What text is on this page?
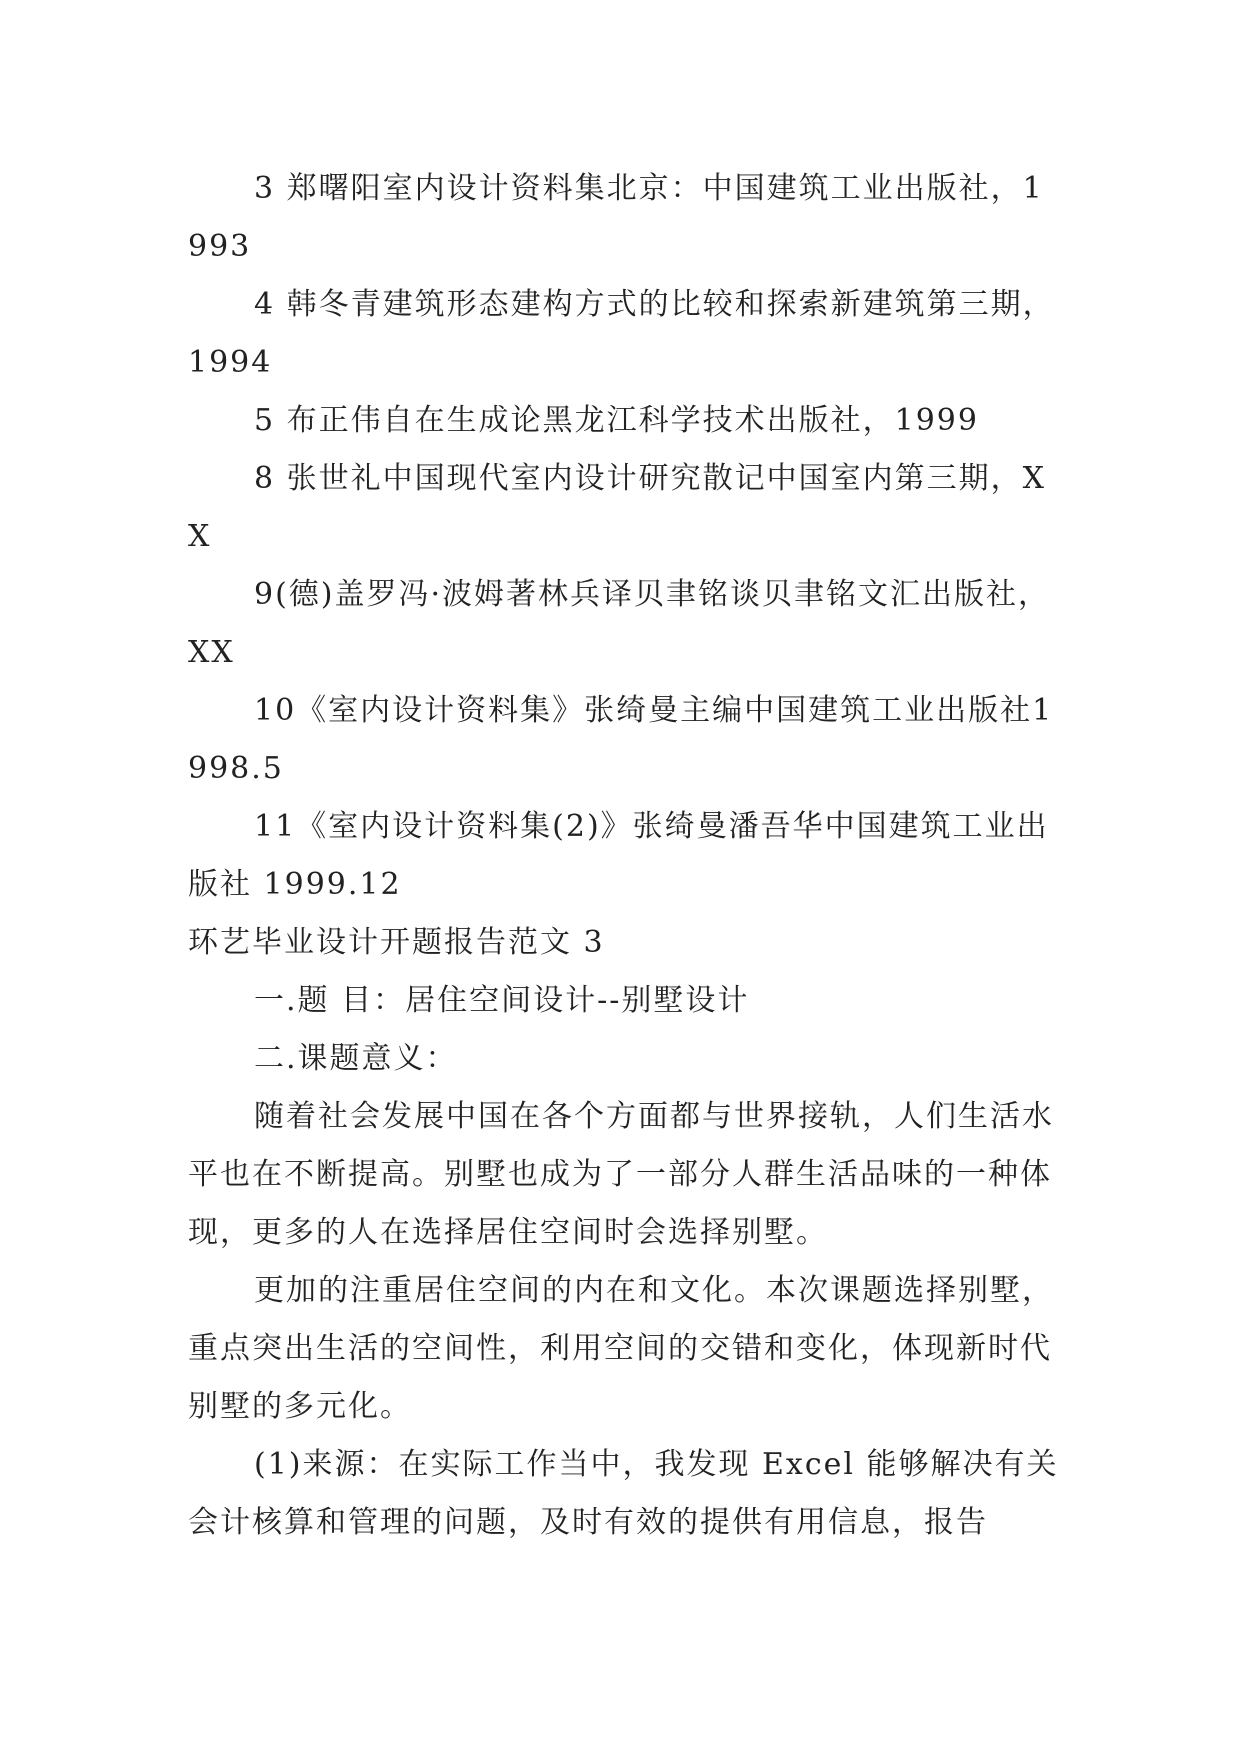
3 郑曙阳室内设计资料集北京：中国建筑工业出版社，1993

4 韩冬青建筑形态建构方式的比较和探索新建筑第三期，1994

5 布正伟自在生成论黑龙江科学技术出版社，1999

8 张世礼中国现代室内设计研究散记中国室内第三期，XX

9(德)盖罗冯·波姆著林兵译贝聿铭谈贝聿铭文汇出版社，XX

10《室内设计资料集》张绮曼主编中国建筑工业出版社1998.5

11《室内设计资料集(2)》张绮曼潘吾华中国建筑工业出版社 1999.12

环艺毕业设计开题报告范文 3

一.题 目：居住空间设计--别墅设计

二.课题意义：

随着社会发展中国在各个方面都与世界接轨，人们生活水平也在不断提高。别墅也成为了一部分人群生活品味的一种体现，更多的人在选择居住空间时会选择别墅。

更加的注重居住空间的内在和文化。本次课题选择别墅，重点突出生活的空间性，利用空间的交错和变化，体现新时代别墅的多元化。

(1)来源：在实际工作当中，我发现 Excel 能够解决有关会计核算和管理的问题，及时有效的提供有用信息，报告
